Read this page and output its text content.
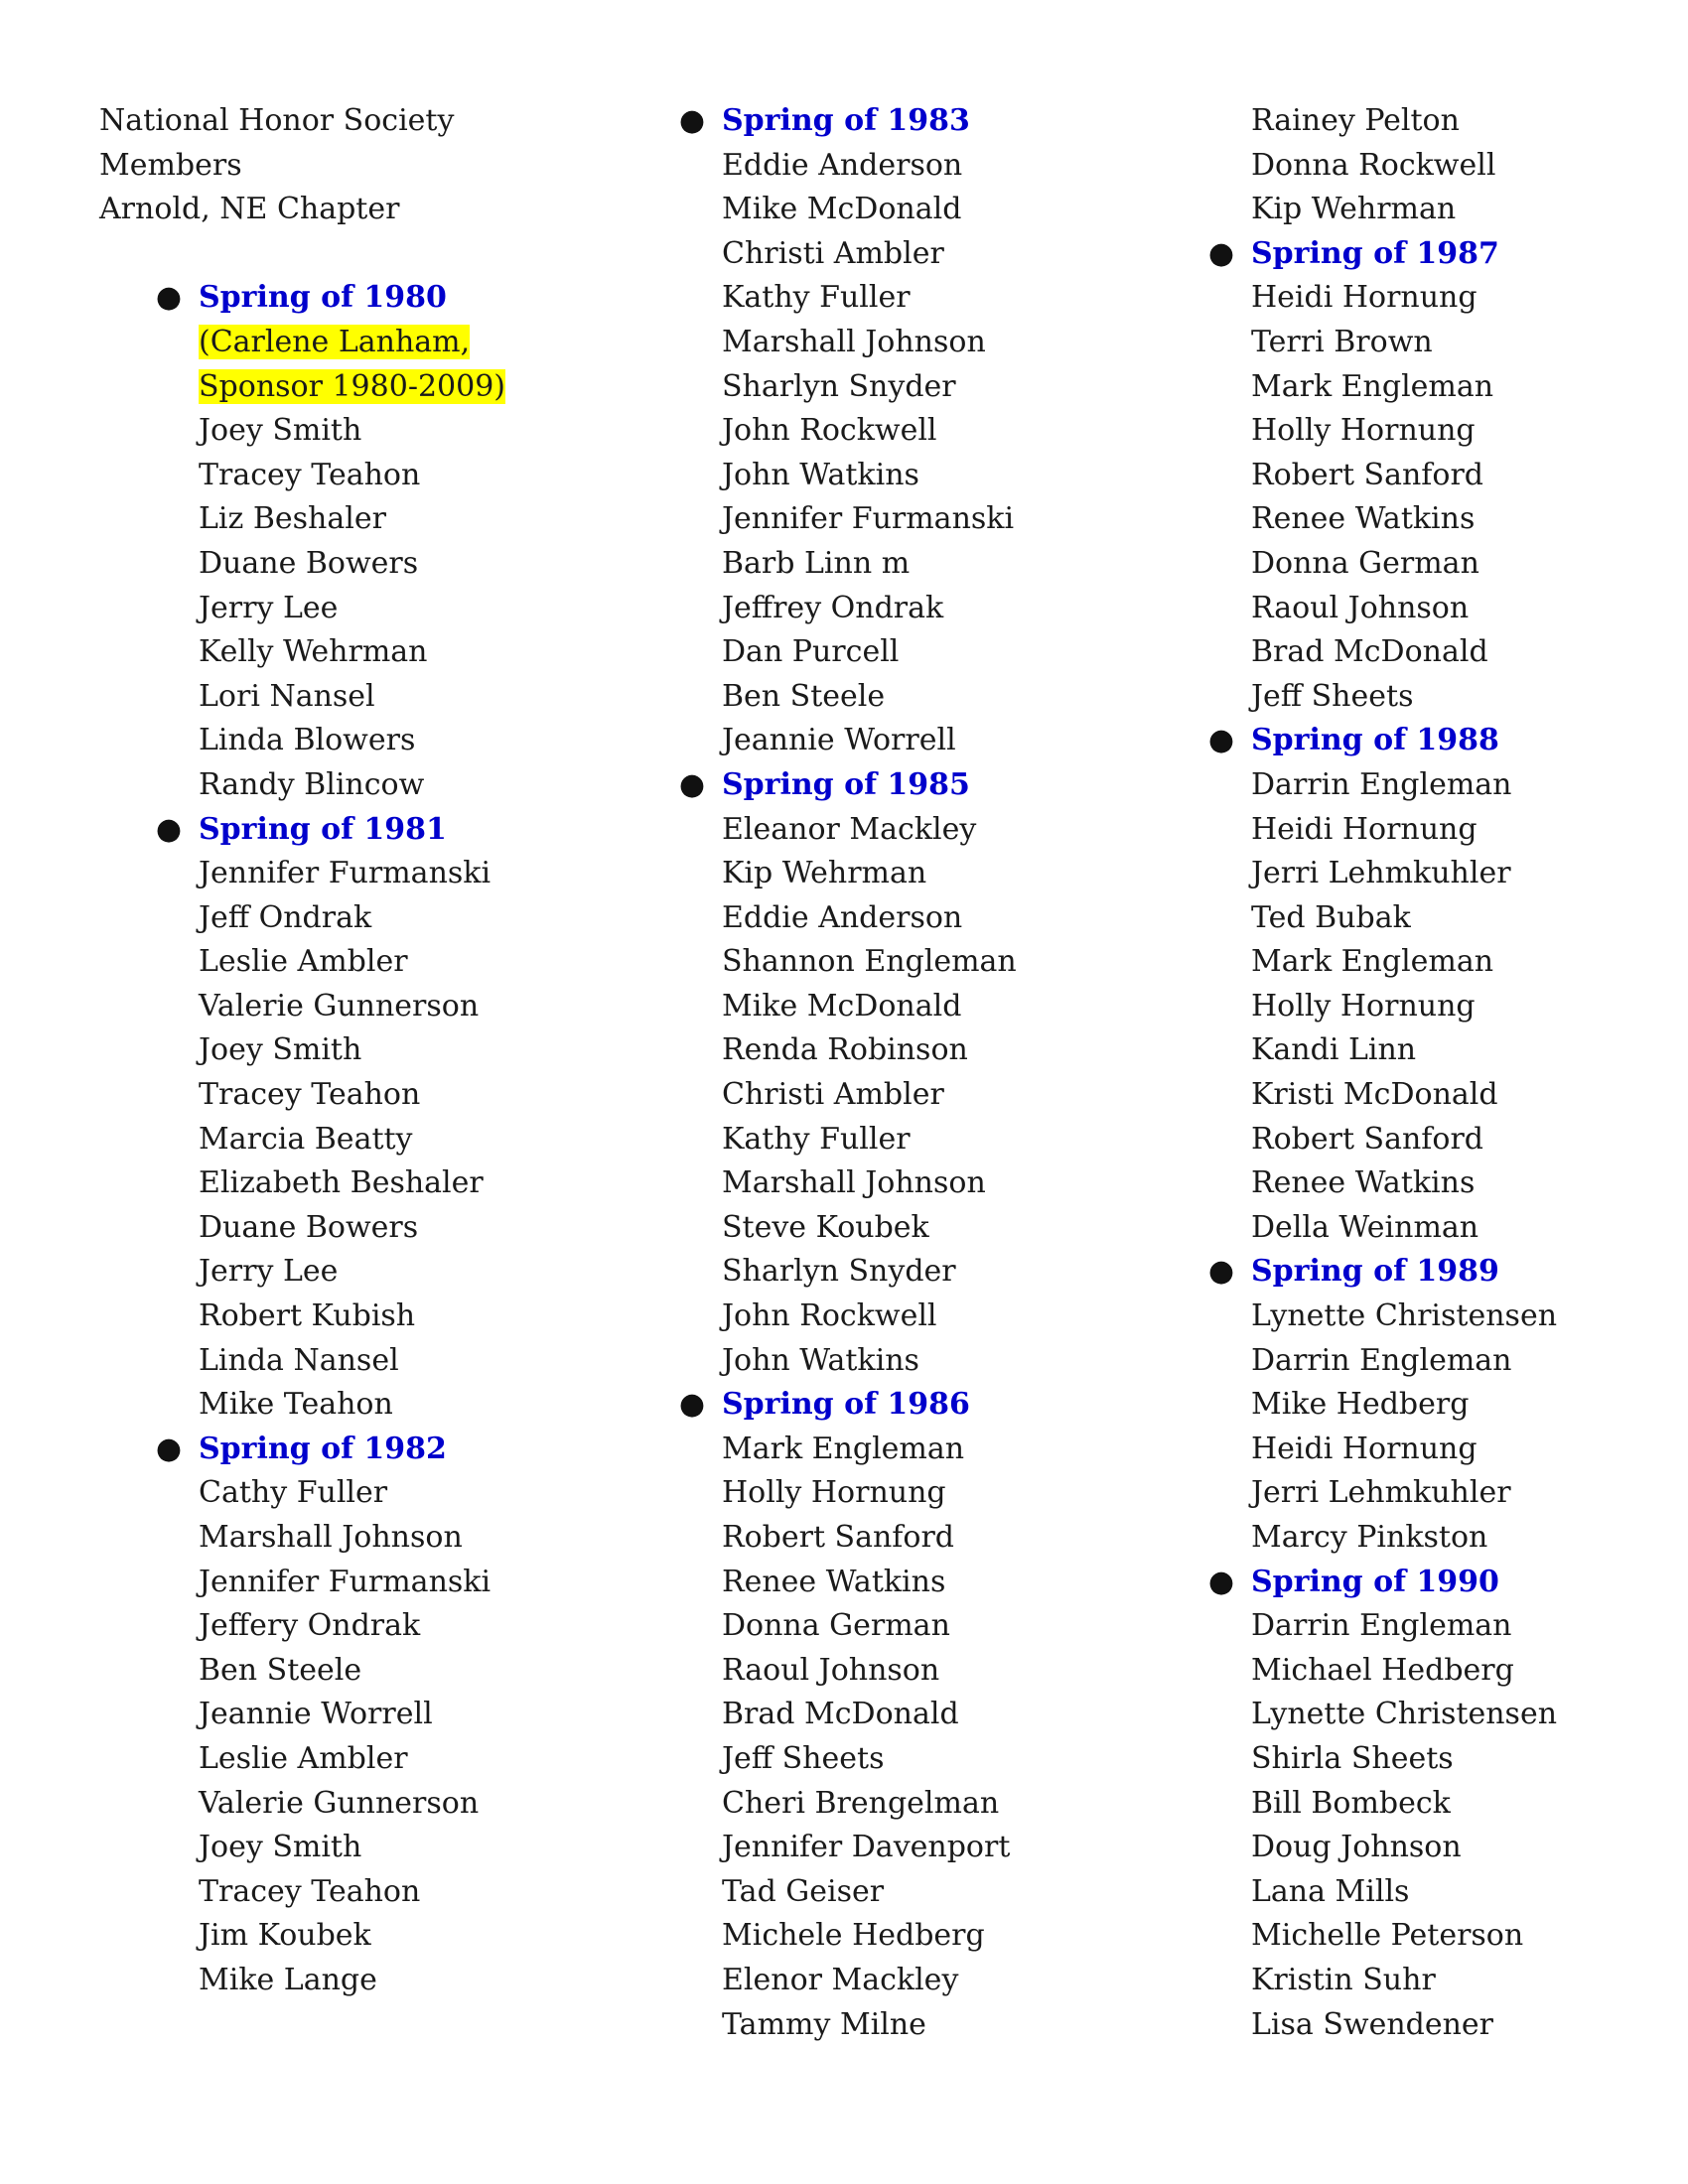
National Honor Society
Members
Arnold, NE Chapter
● Spring of 1980
(Carlene Lanham,
Sponsor 1980-2009)
Joey Smith
Tracey Teahon
Liz Beshaler
Duane Bowers
Jerry Lee
Kelly Wehrman
Lori Nansel
Linda Blowers
Randy Blincow
● Spring of 1981
Jennifer Furmanski
Jeff Ondrak
Leslie Ambler
Valerie Gunnerson
Joey Smith
Tracey Teahon
Marcia Beatty
Elizabeth Beshaler
Duane Bowers
Jerry Lee
Robert Kubish
Linda Nansel
Mike Teahon
● Spring of 1982
Cathy Fuller
Marshall Johnson
Jennifer Furmanski
Jeffery Ondrak
Ben Steele
Jeannie Worrell
Leslie Ambler
Valerie Gunnerson
Joey Smith
Tracey Teahon
Jim Koubek
Mike Lange
● Spring of 1983
Eddie Anderson
Mike McDonald
Christi Ambler
Kathy Fuller
Marshall Johnson
Sharlyn Snyder
John Rockwell
John Watkins
Jennifer Furmanski
Barb Linn m
Jeffrey Ondrak
Dan Purcell
Ben Steele
Jeannie Worrell
● Spring of 1985
Eleanor Mackley
Kip Wehrman
Eddie Anderson
Shannon Engleman
Mike McDonald
Renda Robinson
Christi Ambler
Kathy Fuller
Marshall Johnson
Steve Koubek
Sharlyn Snyder
John Rockwell
John Watkins
● Spring of 1986
Mark Engleman
Holly Hornung
Robert Sanford
Renee Watkins
Donna German
Raoul Johnson
Brad McDonald
Jeff Sheets
Cheri Brengelman
Jennifer Davenport
Tad Geiser
Michele Hedberg
Elenor Mackley
Tammy Milne
Rainey Pelton
Donna Rockwell
Kip Wehrman
● Spring of 1987
Heidi Hornung
Terri Brown
Mark Engleman
Holly Hornung
Robert Sanford
Renee Watkins
Donna German
Raoul Johnson
Brad McDonald
Jeff Sheets
● Spring of 1988
Darrin Engleman
Heidi Hornung
Jerri Lehmkuhler
Ted Bubak
Mark Engleman
Holly Hornung
Kandi Linn
Kristi McDonald
Robert Sanford
Renee Watkins
Della Weinman
● Spring of 1989
Lynette Christensen
Darrin Engleman
Mike Hedberg
Heidi Hornung
Jerri Lehmkuhler
Marcy Pinkston
● Spring of 1990
Darrin Engleman
Michael Hedberg
Lynette Christensen
Shirla Sheets
Bill Bombeck
Doug Johnson
Lana Mills
Michelle Peterson
Kristin Suhr
Lisa Swendener
